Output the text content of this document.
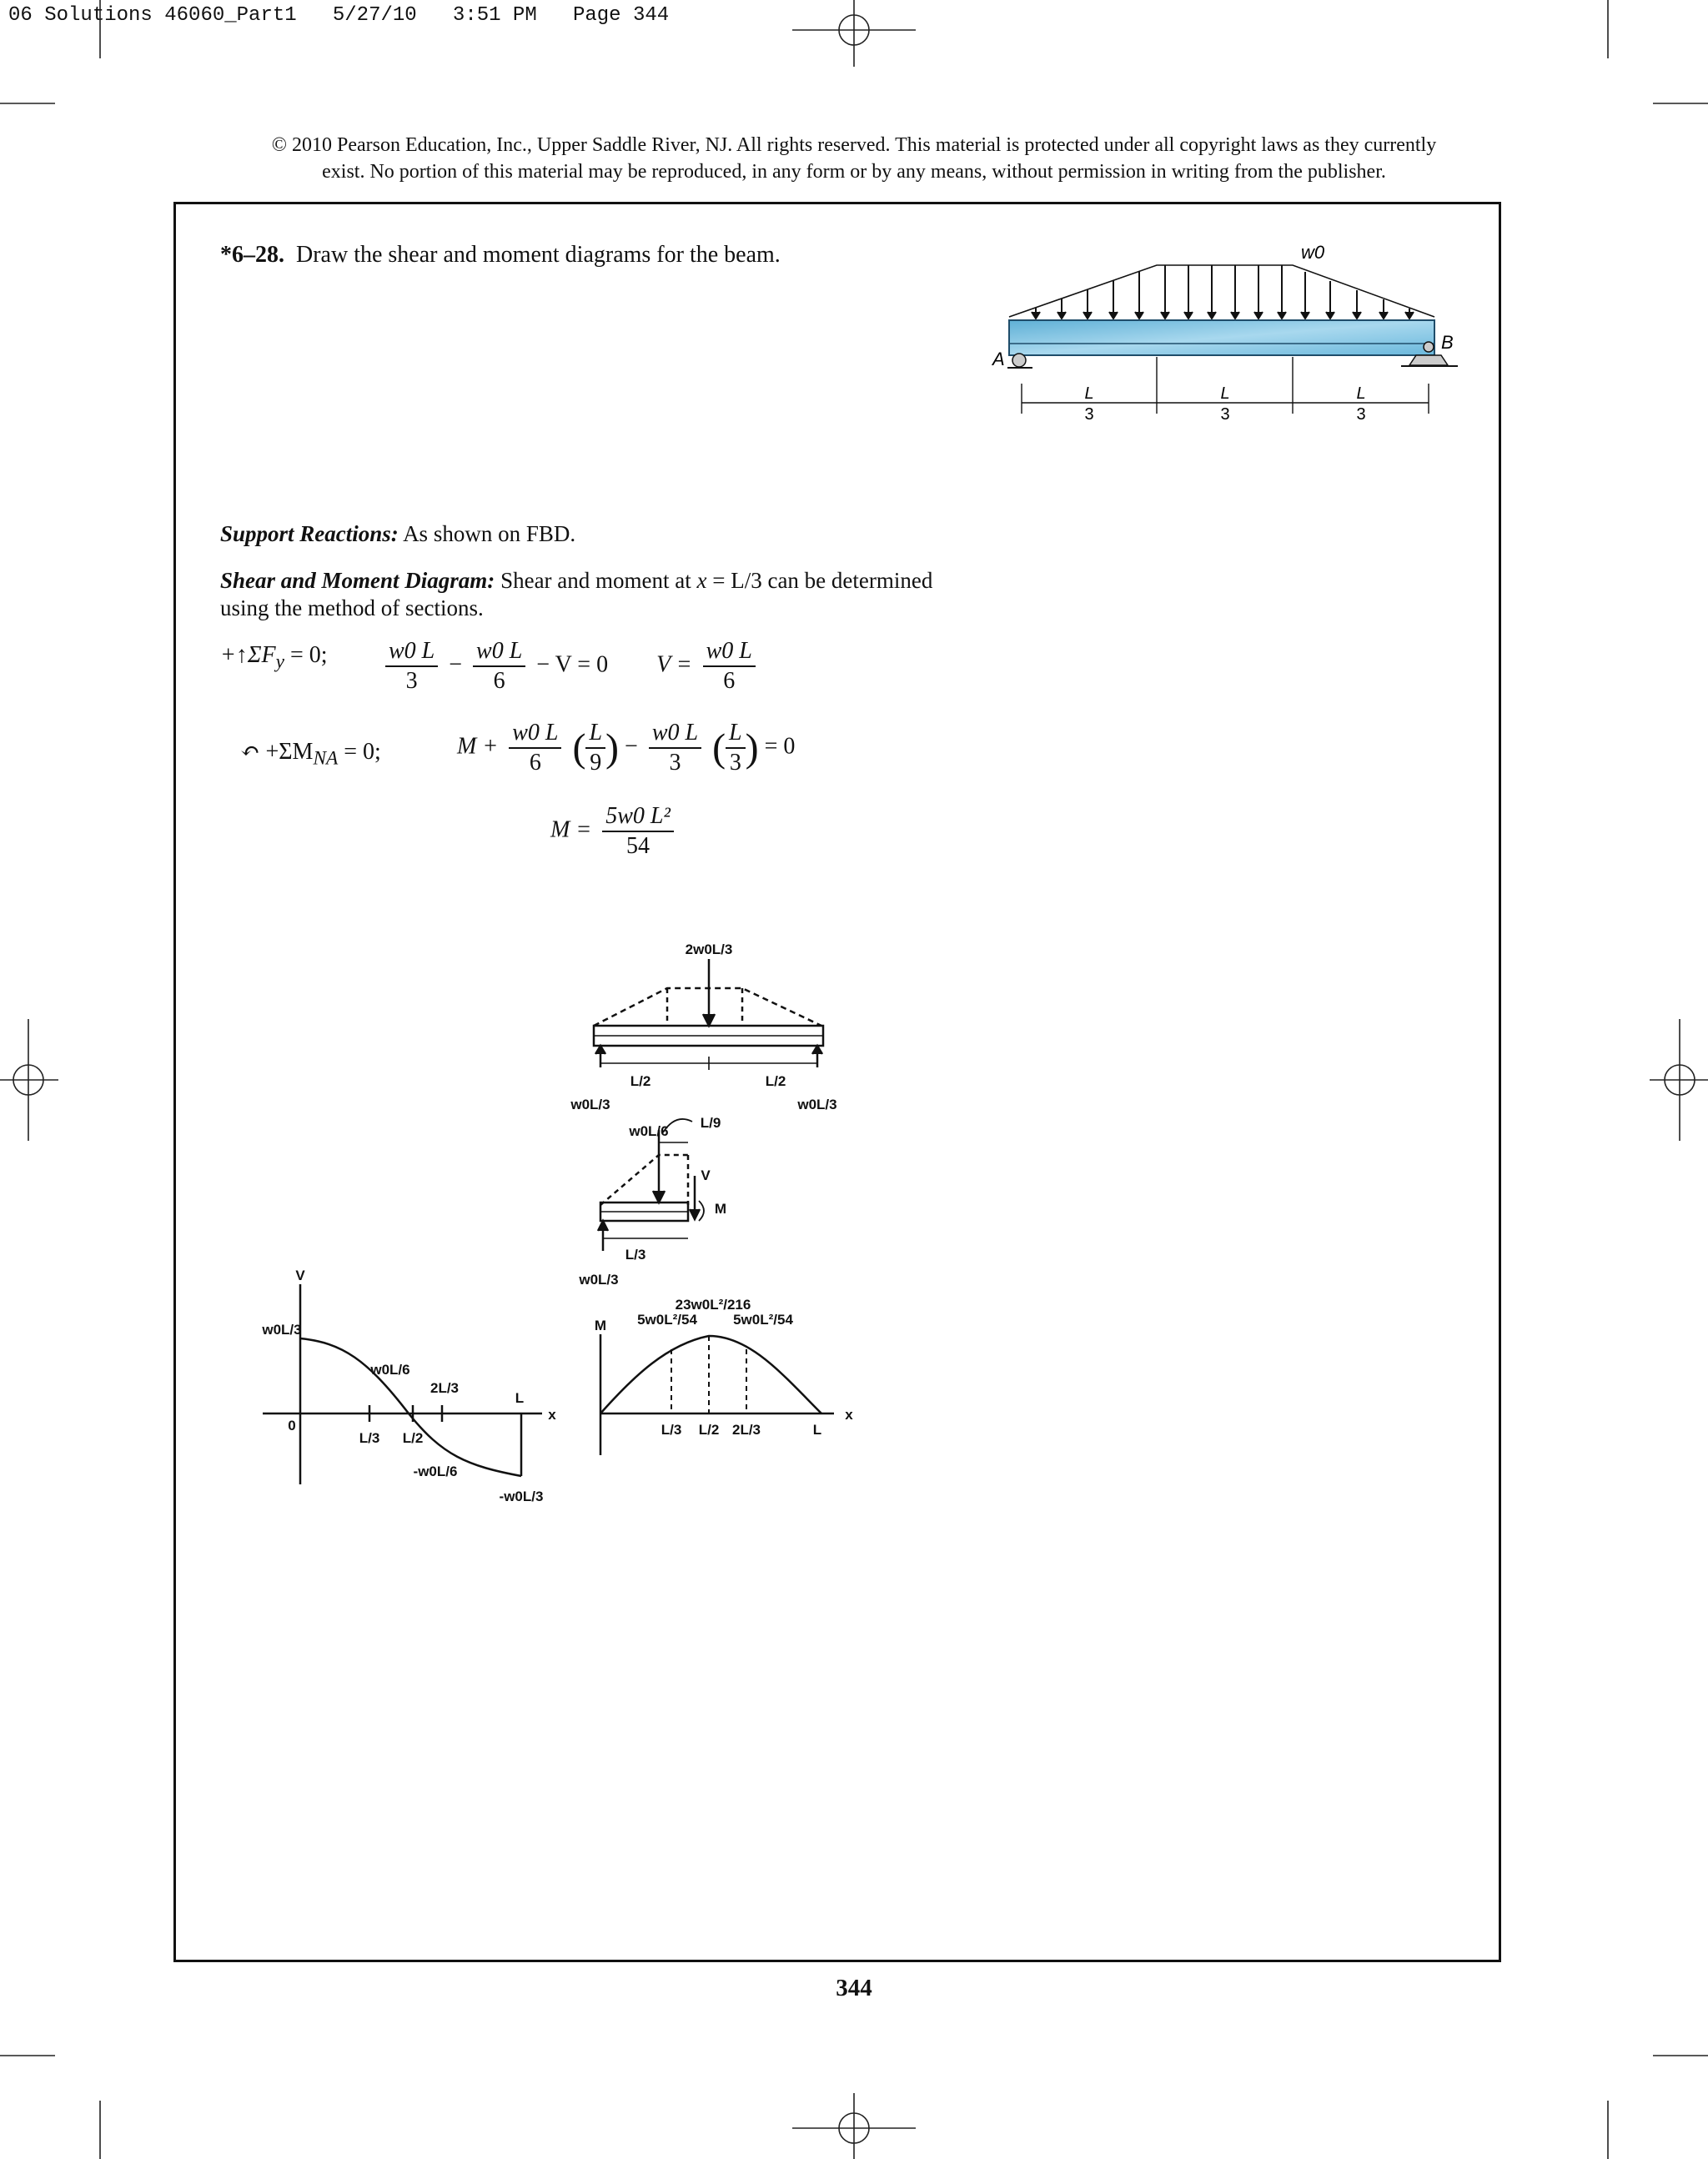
06 Solutions 46060_Part1 5/27/10 3:51 PM Page 344
© 2010 Pearson Education, Inc., Upper Saddle River, NJ. All rights reserved. This material is protected under all copyright laws as they currently
exist. No portion of this material may be reproduced, in any form or by any means, without permission in writing from the publisher.
*6–28. Draw the shear and moment diagrams for the beam.	w0
A
B
L
3
L
3
L
3
Support Reactions: As shown on FBD.
Shear and Moment Diagram: Shear and moment at x = L/3 can be determined
using the method of sections.
$+↑\Sigma F_y = 0$; $\frac{w0 L}{3} - \frac{w0 L}{6} - V = 0$ $V = \frac{w0 L}{6}$
↶ $+\Sigma M_{NA} = 0$;	$M + \frac{w0 L}{6}$ ( $\frac{L}{9}$ ) − $\frac{w0 L}{3}$ ( $\frac{L}{3}$ ) = 0
$M = \frac{\text{5w0 L²}}{54}$
2w0L/3
L/2	L/2
w0L/3	w0L/3
w0L/6
L/9
V
M
L/3
w0L/3
V
w0L/3
0
w0L/6
2L/3
L
L/3 L/2
-w0L/6
-w0L/3
x
M 5w0L²/54
23w0L²/216
5w0L²/54
L/3 L/2 2L/3	L
x
344
